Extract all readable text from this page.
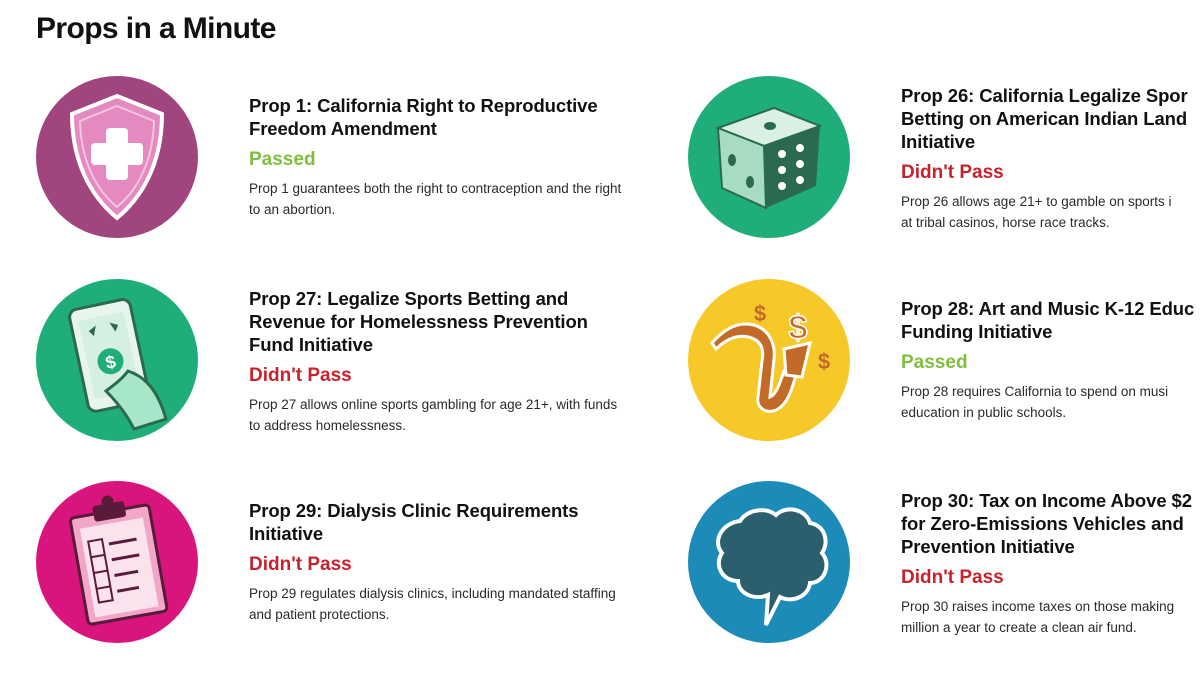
Props in a Minute
Prop 1: California Right to Reproductive Freedom Amendment
Passed
Prop 1 guarantees both the right to contraception and the right to an abortion.
Prop 26: California Legalize Spor
Betting on American Indian Land
Initiative
Didn't Pass
Prop 26 allows age 21+ to gamble on sports i
at tribal casinos, horse race tracks.
$
Prop 27: Legalize Sports Betting and Revenue for Homelessness Prevention Fund Initiative
Didn't Pass
Prop 27 allows online sports gambling for age 21+, with funds to address homelessness.
$
$
$
Prop 28: Art and Music K-12 Educ
Funding Initiative
Passed
Prop 28 requires California to spend on musi
education in public schools.
Prop 29: Dialysis Clinic Requirements Initiative
Didn't Pass
Prop 29 regulates dialysis clinics, including mandated staffing and patient protections.
Prop 30: Tax on Income Above $2
for Zero-Emissions Vehicles and
Prevention Initiative
Didn't Pass
Prop 30 raises income taxes on those making
million a year to create a clean air fund.
